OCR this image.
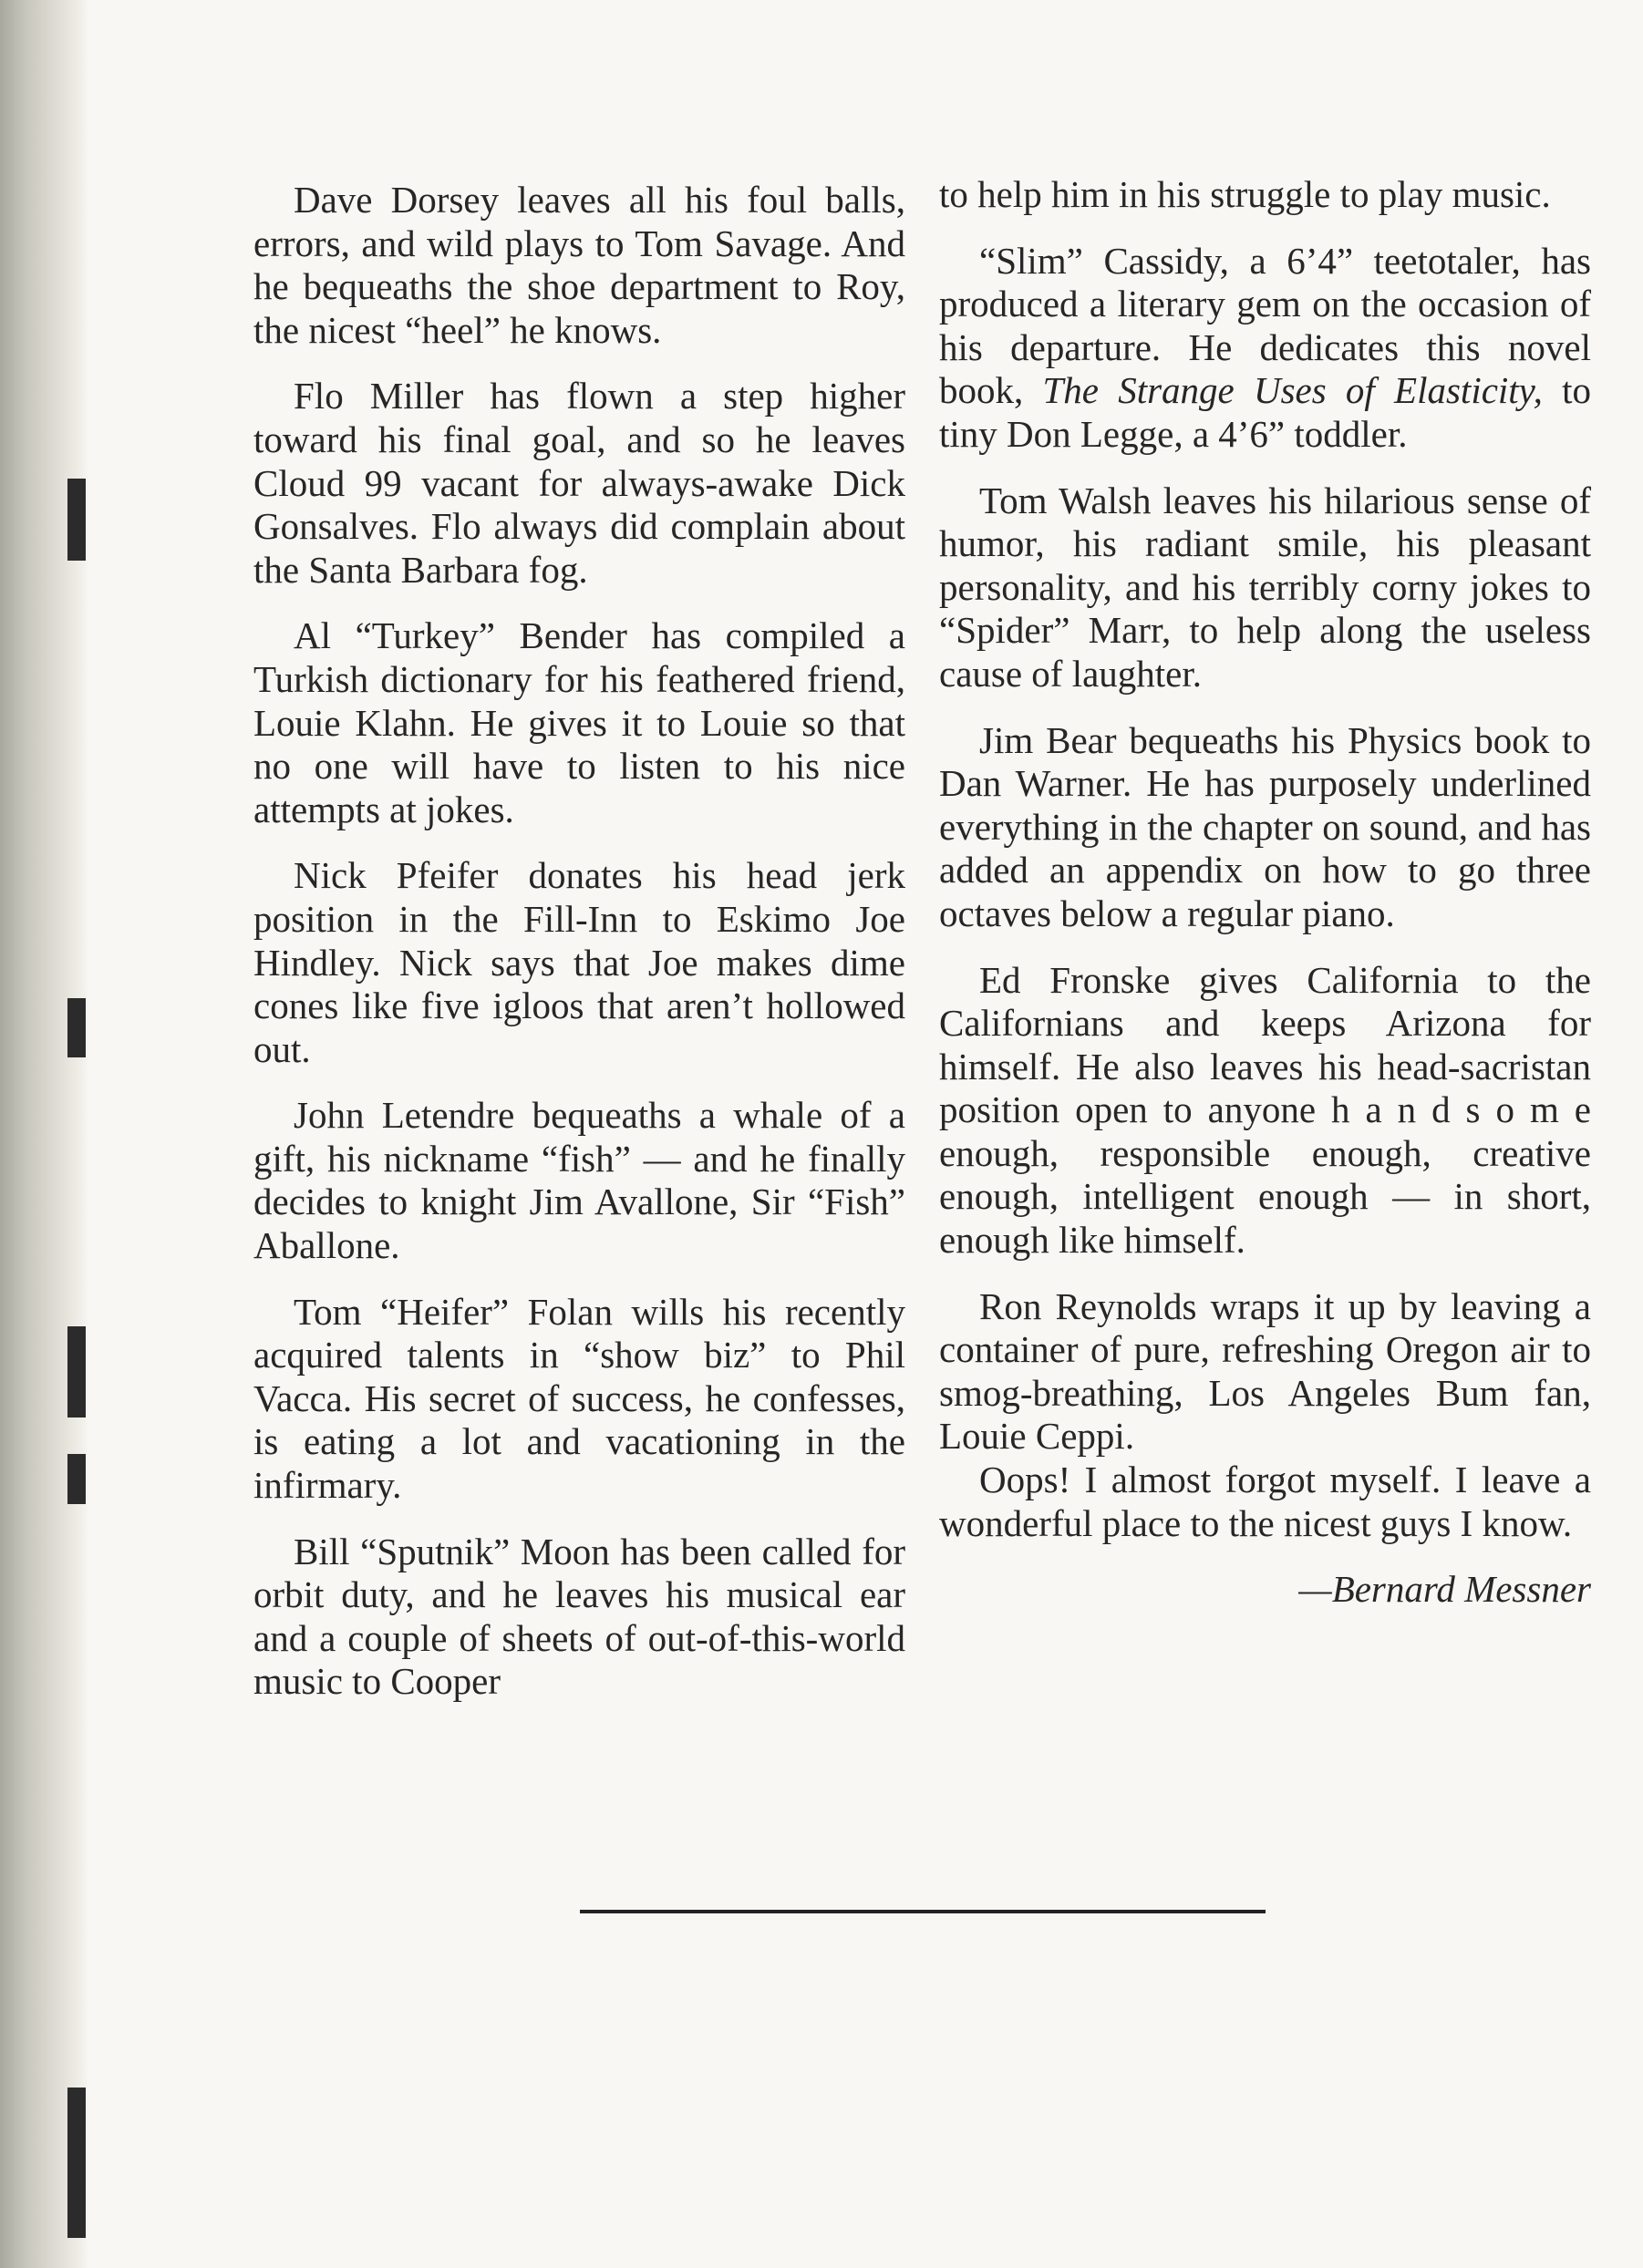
Dave Dorsey leaves all his foul balls, errors, and wild plays to Tom Savage. And he bequeaths the shoe department to Roy, the nicest “heel” he knows.

Flo Miller has flown a step higher toward his final goal, and so he leaves Cloud 99 vacant for always-awake Dick Gonsalves. Flo always did complain about the Santa Barbara fog.

Al “Turkey” Bender has compiled a Turkish dictionary for his feathered friend, Louie Klahn. He gives it to Louie so that no one will have to listen to his nice attempts at jokes.

Nick Pfeifer donates his head jerk position in the Fill-Inn to Eskimo Joe Hindley. Nick says that Joe makes dime cones like five igloos that aren’t hollowed out.

John Letendre bequeaths a whale of a gift, his nickname “fish” — and he finally decides to knight Jim Avallone, Sir “Fish” Aballone.

Tom “Heifer” Folan wills his recently acquired talents in “show biz” to Phil Vacca. His secret of success, he confesses, is eating a lot and vacationing in the infirmary.

Bill “Sputnik” Moon has been called for orbit duty, and he leaves his musical ear and a couple of sheets of out-of-this-world music to Cooper

to help him in his struggle to play music.

“Slim” Cassidy, a 6’4” teetotaler, has produced a literary gem on the occasion of his departure. He dedicates this novel book, The Strange Uses of Elasticity, to tiny Don Legge, a 4’6” toddler.

Tom Walsh leaves his hilarious sense of humor, his radiant smile, his pleasant personality, and his terribly corny jokes to “Spider” Marr, to help along the useless cause of laughter.

Jim Bear bequeaths his Physics book to Dan Warner. He has purposely underlined everything in the chapter on sound, and has added an appendix on how to go three octaves below a regular piano.

Ed Fronske gives California to the Californians and keeps Arizona for himself. He also leaves his head-sacristan position open to anyone h a n d s o m e enough, responsible enough, creative enough, intelligent enough — in short, enough like himself.

Ron Reynolds wraps it up by leaving a container of pure, refreshing Oregon air to smog-breathing, Los Angeles Bum fan, Louie Ceppi.

Oops! I almost forgot myself. I leave a wonderful place to the nicest guys I know.

—Bernard Messner
